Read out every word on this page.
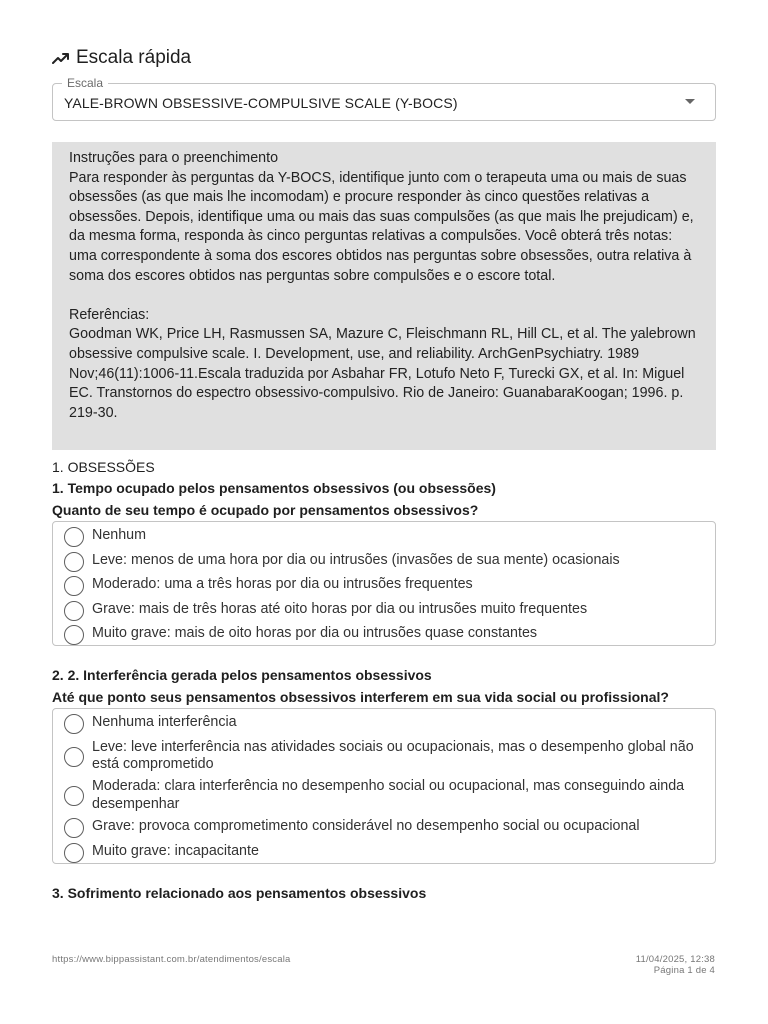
Escala rápida
YALE-BROWN OBSESSIVE-COMPULSIVE SCALE (Y-BOCS)
Escala

Instruções para o preenchimento

Para responder às perguntas da Y-BOCS, identifique junto com o terapeuta uma ou mais de suas obsessões (as que mais lhe incomodam) e procure responder às cinco questões relativas a obsessões. Depois, identifique uma ou mais das suas compulsões (as que mais lhe prejudicam) e, da mesma forma, responda às cinco perguntas relativas a compulsões. Você obterá três notas: uma correspondente à soma dos escores obtidos nas perguntas sobre obsessões, outra relativa à soma dos escores obtidos nas perguntas sobre compulsões e o escore total.

Referências:

Goodman WK, Price LH, Rasmussen SA, Mazure C, Fleischmann RL, Hill CL, et al. The yalebrown obsessive compulsive scale. I. Development, use, and reliability. ArchGenPsychiatry. 1989 Nov;46(11):1006-11.Escala traduzida por Asbahar FR, Lotufo Neto F, Turecki GX, et al. In: Miguel EC. Transtornos do espectro obsessivo-compulsivo. Rio de Janeiro: GuanabaraKoogan; 1996. p. 219-30.

1. OBSESSÕES
1. Tempo ocupado pelos pensamentos obsessivos (ou obsessões)
Quanto de seu tempo é ocupado por pensamentos obsessivos?
Nenhum
Leve: menos de uma hora por dia ou intrusões (invasões de sua mente) ocasionais
Moderado: uma a três horas por dia ou intrusões frequentes
Grave: mais de três horas até oito horas por dia ou intrusões muito frequentes
Muito grave: mais de oito horas por dia ou intrusões quase constantes
2. 2. Interferência gerada pelos pensamentos obsessivos
Até que ponto seus pensamentos obsessivos interferem em sua vida social ou profissional?
Nenhuma interferência
Leve: leve interferência nas atividades sociais ou ocupacionais, mas o desempenho global não está comprometido
Moderada: clara interferência no desempenho social ou ocupacional, mas conseguindo ainda desempenhar
Grave: provoca comprometimento considerável no desempenho social ou ocupacional
Muito grave: incapacitante
3. Sofrimento relacionado aos pensamentos obsessivos
https://www.bippassistant.com.br/atendimentos/escala	11/04/2025, 12:38
Página 1 de 4
